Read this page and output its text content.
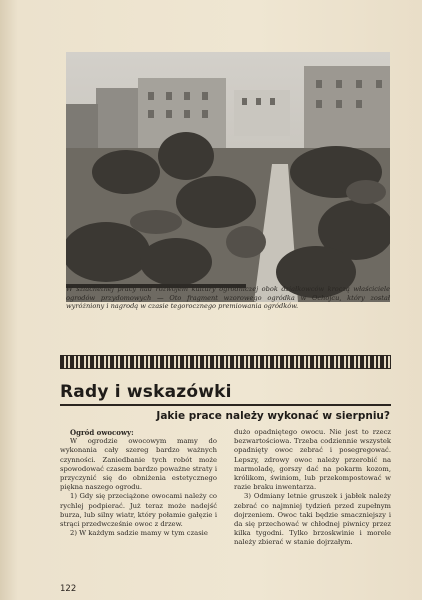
W szlachetnej pracy nad rozwojem kultury ogrodniczej obok działkowców kroczą właściciele ogrodów przydomowych — Oto fragment wzorowego ogródka w Ochojcu, który został wyróżniony i nagrodą w czasie tegorocznego premiowania ogródków.
Rady i wskazówki
Jakie prace należy wykonać w sierpniu?

Ogród owocowy:

W ogrodzie owocowym mamy do wykonania cały szereg bardzo ważnych czynności. Zaniedbanie tych robót może spowodować czasem bardzo poważne straty i przyczynić się do obniżenia estetycznego piękna naszego ogrodu.

1) Gdy się przeciążone owocami należy co rychlej podpierać. Już teraz może nadejść burza, lub silny wiatr, który połamie gałęzie i strąci przedwcześnie owoc z drzew.

2) W każdym sadzie mamy w tym czasie

dużo opadniętego owocu. Nie jest to rzecz bezwartościowa. Trzeba codziennie wszystek opadnięty owoc zebrać i posegregować. Lepszy, zdrowy owoc należy przerobić na marmoladę, gorszy dać na pokarm kozom, królikom, świniom, lub przekompostować w razie braku inwentarza.

3) Odmiany letnie gruszek i jabłek należy zebrać co najmniej tydzień przed zupełnym dojrzeniem. Owoc taki będzie smaczniejszy i da się przechować w chłodnej piwnicy przez kilka tygodni. Tylko brzoskwinie i morele należy zbierać w stanie dojrzałym.

122
